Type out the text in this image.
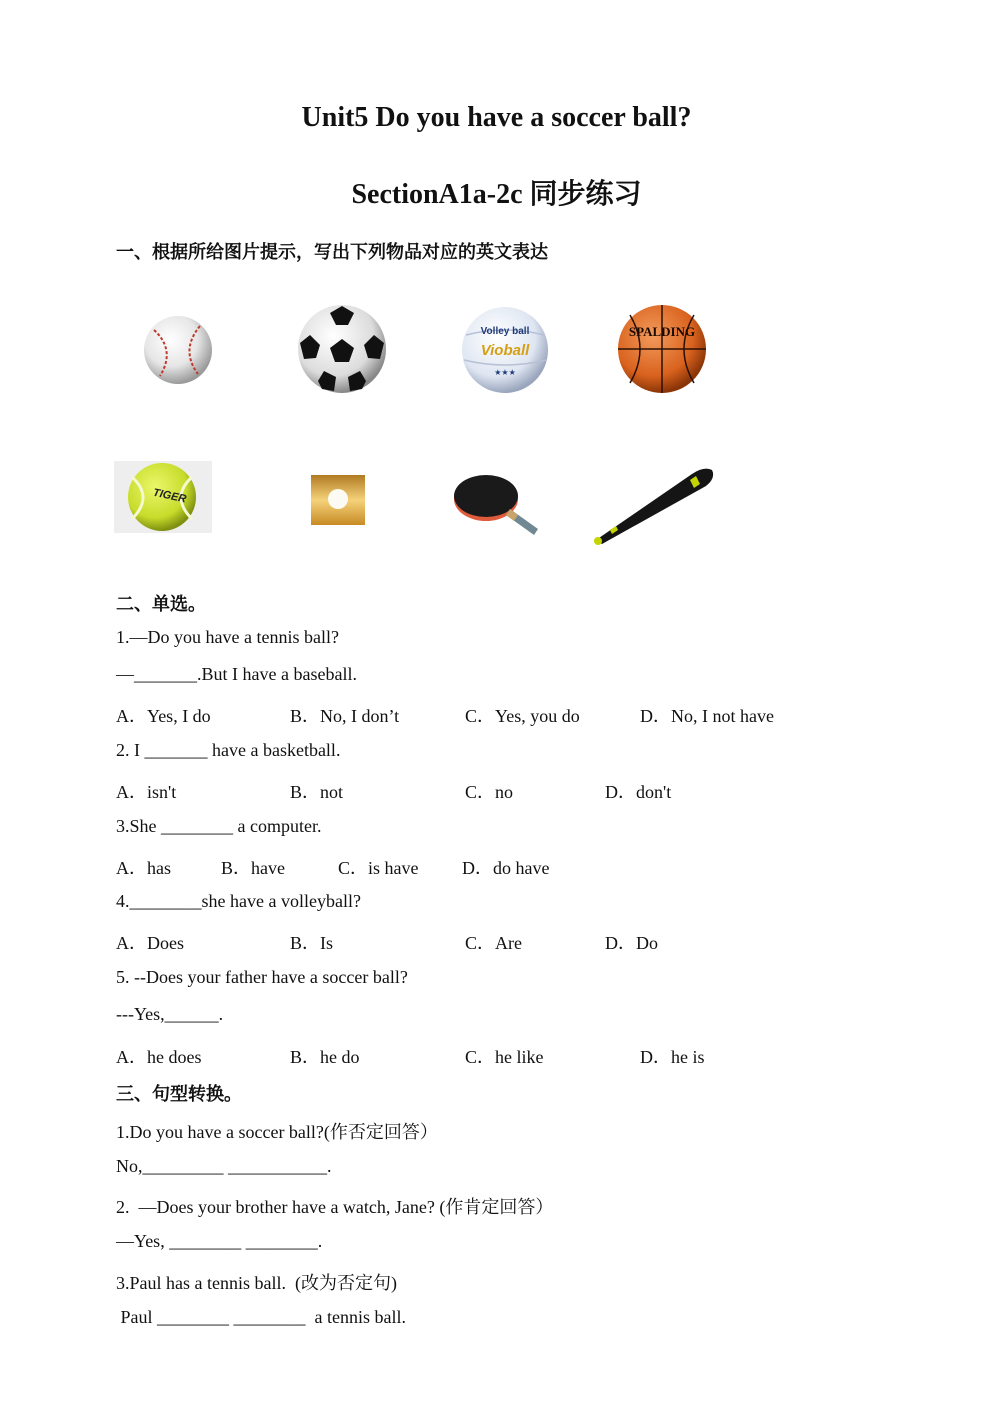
Unit5 Do you have a soccer ball?
SectionA1a-2c 同步练习
一、根据所给图片提示，写出下列物品对应的英文表达
Volley ball
Vioball
★★★
SPALDING
TIGER
二、单选。
1.—Do you have a tennis ball?
—_______.But I have a baseball.
A．Yes, I do	B．No, I don’t	C．Yes, you do	D．No, I not have
2. I _______ have a basketball.
A．isn't	B．not	C．no	D．don't
3.She ________ a computer.
A．has	B．have	C．is have D．do have
4.________she have a volleyball?
A．Does	B．Is	C．Are	D．Do
5. --Does your father have a soccer ball?
---Yes,______.
A．he does	B．he do	C．he like	D．he is
三、句型转换。
1.Do you have a soccer ball?(作否定回答）
No,_________ ___________.
2.  —Does your brother have a watch, Jane? (作肯定回答）
—Yes, ________ ________.
3.Paul has a tennis ball.  (改为否定句)
Paul ________ ________  a tennis ball.
